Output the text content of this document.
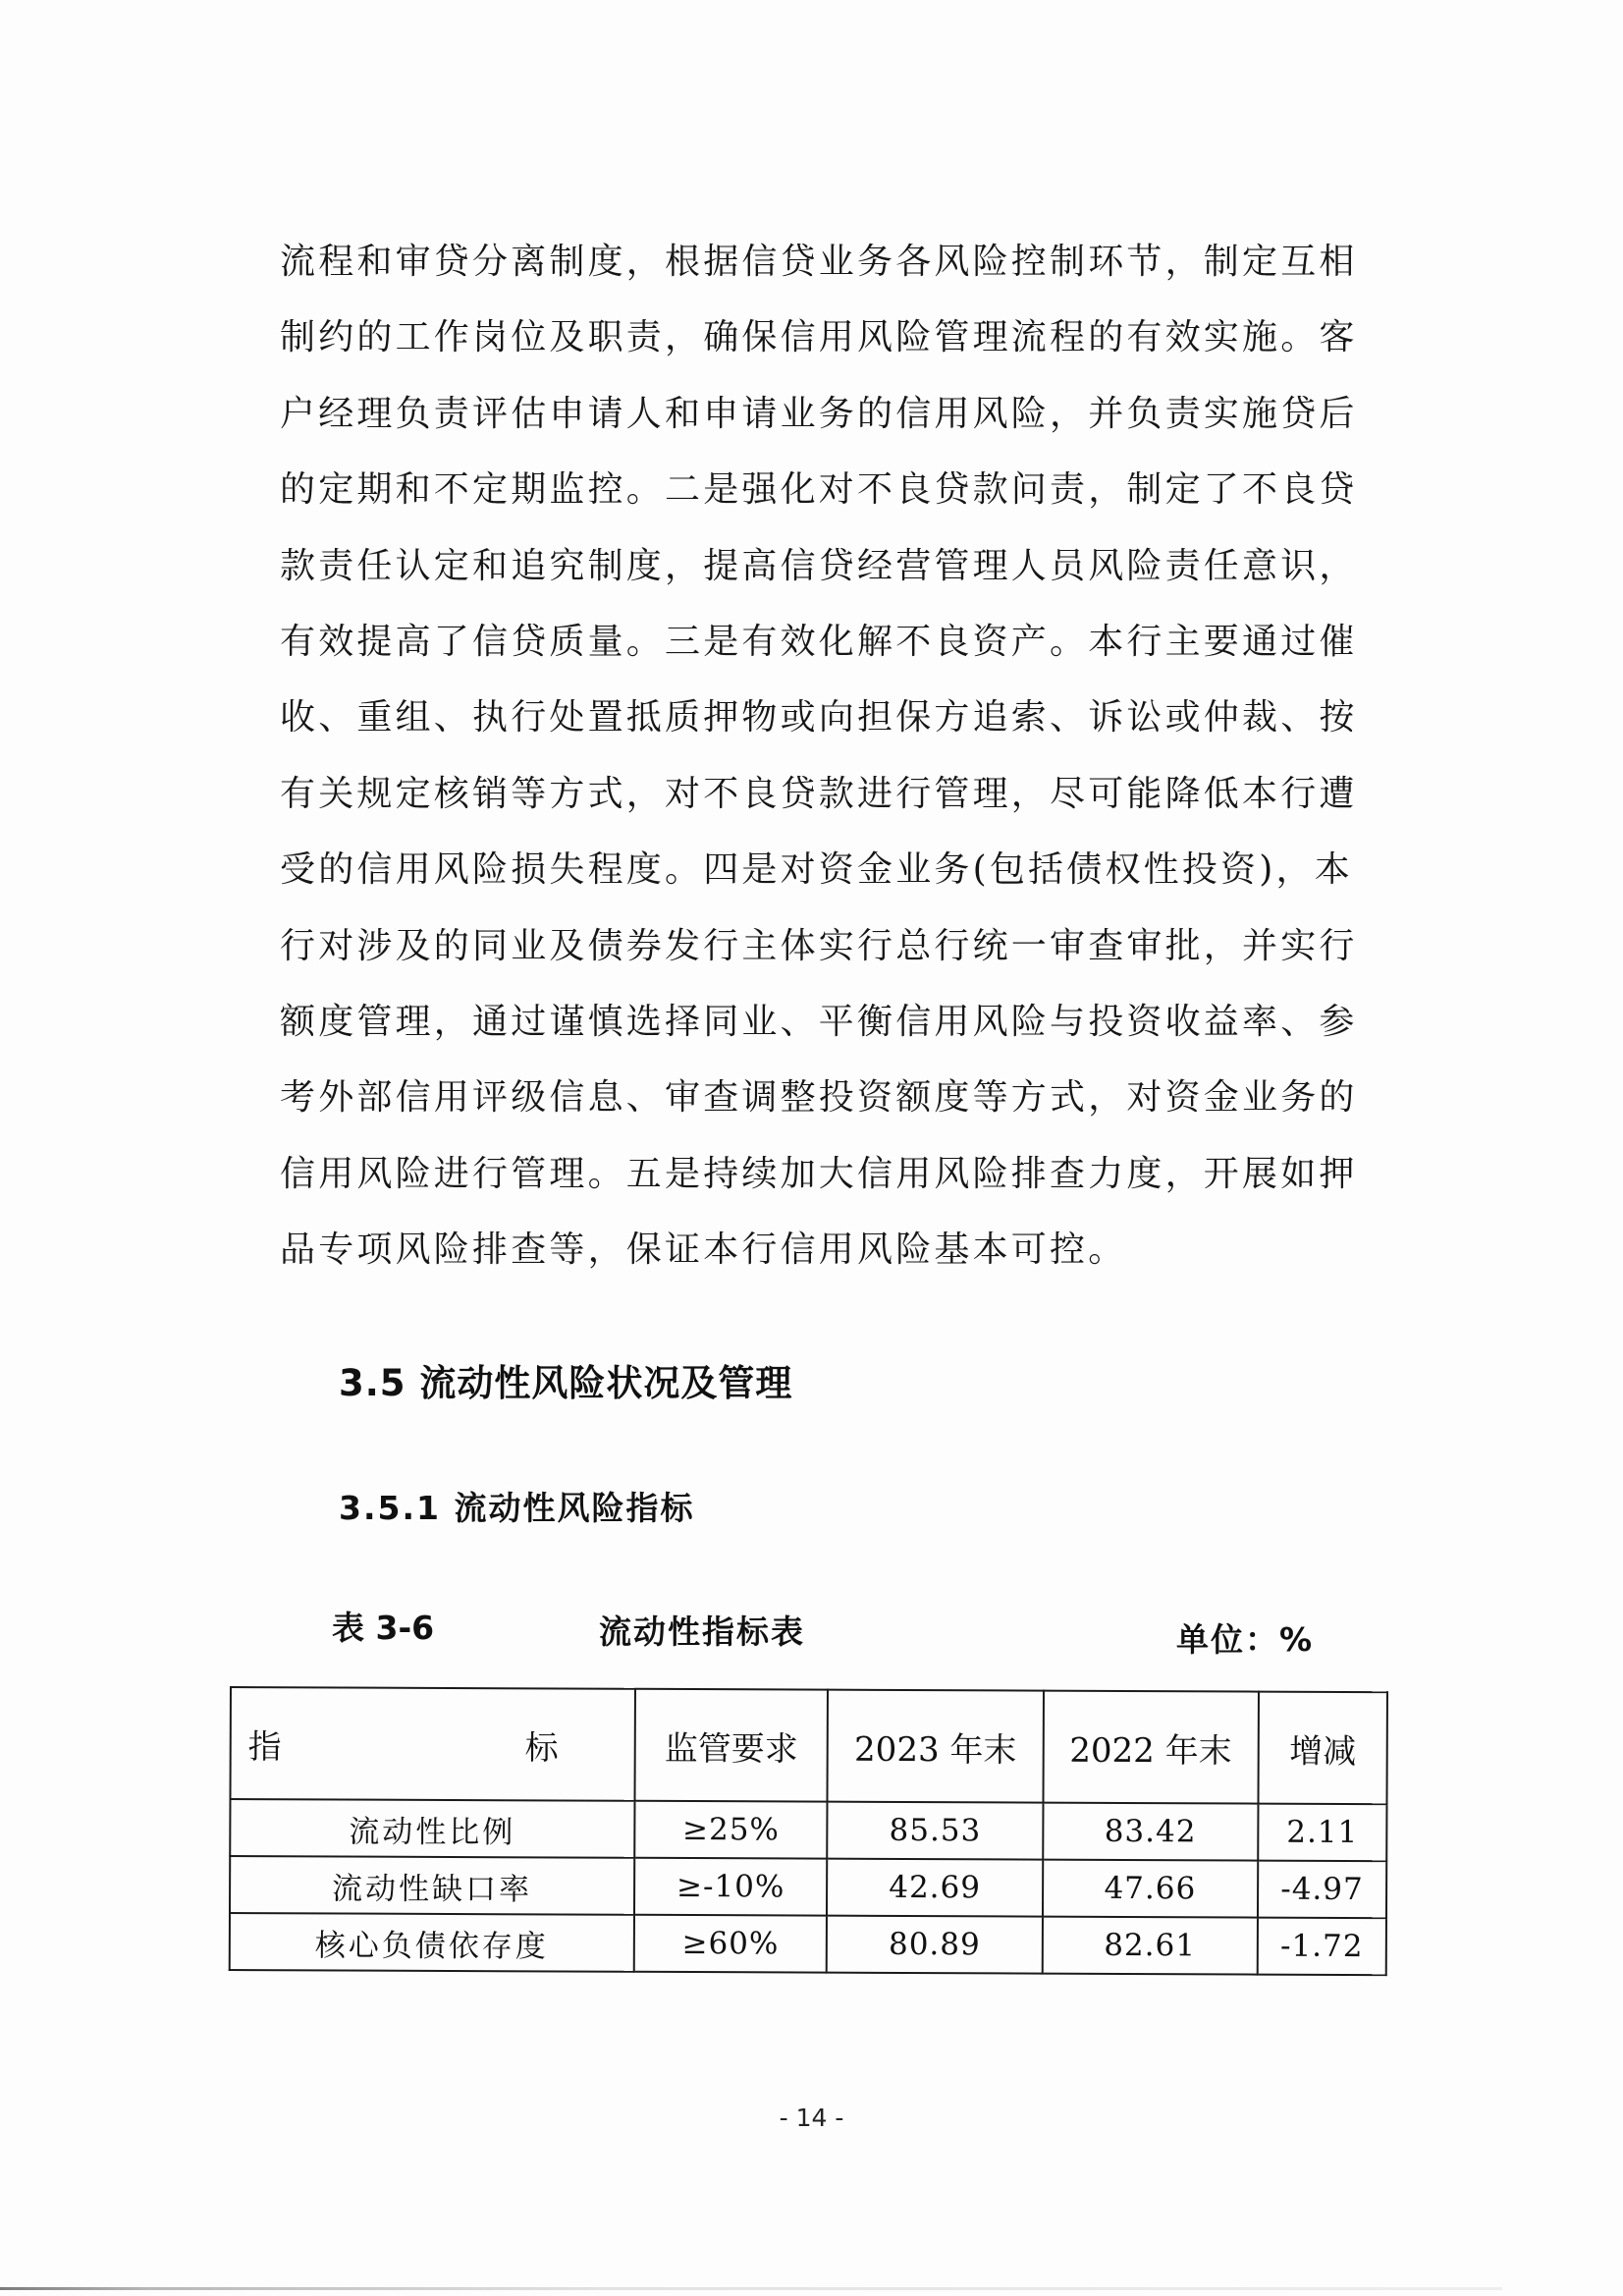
流程和审贷分离制度，根据信贷业务各风险控制环节，制定互相
制约的工作岗位及职责，确保信用风险管理流程的有效实施。客
户经理负责评估申请人和申请业务的信用风险，并负责实施贷后
的定期和不定期监控。二是强化对不良贷款问责，制定了不良贷
款责任认定和追究制度，提高信贷经营管理人员风险责任意识，
有效提高了信贷质量。三是有效化解不良资产。本行主要通过催
收、重组、执行处置抵质押物或向担保方追索、诉讼或仲裁、按
有关规定核销等方式，对不良贷款进行管理，尽可能降低本行遭
受的信用风险损失程度。四是对资金业务(包括债权性投资)，本
行对涉及的同业及债券发行主体实行总行统一审查审批，并实行
额度管理，通过谨慎选择同业、平衡信用风险与投资收益率、参
考外部信用评级信息、审查调整投资额度等方式，对资金业务的
信用风险进行管理。五是持续加大信用风险排查力度，开展如押
品专项风险排查等，保证本行信用风险基本可控。
3.5 流动性风险状况及管理
3.5.1 流动性风险指标
表 3-6	流动性指标表	单位：%
指　　标	监管要求	2023 年末	2022 年末	增减
流动性比例	≥25%	85.53	83.42	2.11
流动性缺口率	≥-10%	42.69	47.66	-4.97
核心负债依存度	≥60%	80.89	82.61	-1.72
- 14 -
